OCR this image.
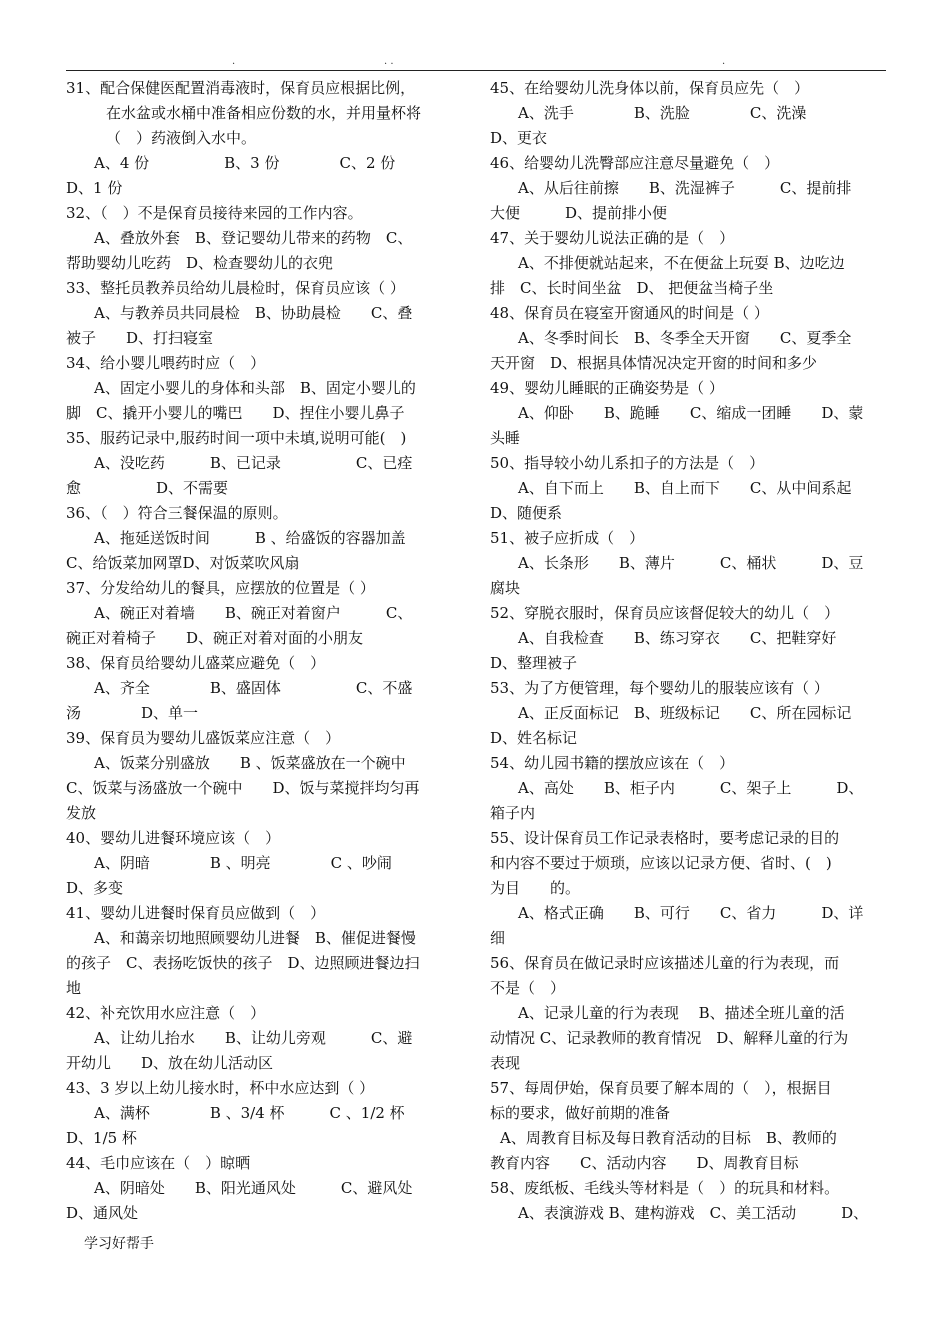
.	. .	.
31、配合保健医配置消毒液时，保育员应根据比例，
在水盆或水桶中准备相应份数的水，并用量杯将
（　）药液倒入水中。
A、4 份　　　　　B、3 份　　　　C、2 份
D、1 份
32、（　）不是保育员接待来园的工作内容。
A、叠放外套　B、登记婴幼儿带来的药物　C、
帮助婴幼儿吃药　D、检查婴幼儿的衣兜
33、整托员教养员给幼儿晨检时，保育员应该（ ）
A、与教养员共同晨检　B、协助晨检　　C、叠
被子　　D、打扫寝室
34、给小婴儿喂药时应（　）
A、固定小婴儿的身体和头部　B、固定小婴儿的
脚　C、撬开小婴儿的嘴巴　　D、捏住小婴儿鼻子
35、服药记录中,服药时间一项中未填,说明可能(　)
A、没吃药　　　B、已记录　　　　　C、已痊
愈　　　　　D、不需要
36、（　）符合三餐保温的原则。
A、拖延送饭时间　　　B 、给盛饭的容器加盖
C、给饭菜加网罩D、对饭菜吹风扇
37、分发给幼儿的餐具，应摆放的位置是（ ）
A、碗正对着墙　　B、碗正对着窗户　　　C、
碗正对着椅子　　D、碗正对着对面的小朋友
38、保育员给婴幼儿盛菜应避免（　）
A、齐全　　　　B、盛固体　　　　　C、不盛
汤　　　　D、单一
39、保育员为婴幼儿盛饭菜应注意（　）
A、饭菜分别盛放　　B 、饭菜盛放在一个碗中
C、饭菜与汤盛放一个碗中　　D、饭与菜搅拌均匀再
发放
40、婴幼儿进餐环境应该（　）
A、阴暗　　　　B 、明亮　　　　C 、吵闹
D、多变
41、婴幼儿进餐时保育员应做到（　）
A、和蔼亲切地照顾婴幼儿进餐　B、催促进餐慢
的孩子　C、表扬吃饭快的孩子　D、边照顾进餐边扫
地
42、补充饮用水应注意（　）
A、让幼儿抬水　　B、让幼儿旁观　　　C、避
开幼儿　　D、放在幼儿活动区
43、3 岁以上幼儿接水时，杯中水应达到（ ）
A、满杯　　　　B 、3/4 杯　　　C 、1/2 杯
D、1/5 杯
44、毛巾应该在（　）晾晒
A、阴暗处　　B、阳光通风处　　　C、避风处
D、通风处
45、在给婴幼儿洗身体以前，保育员应先（　）
A、洗手　　　　B、洗脸　　　　C、洗澡
D、更衣
46、给婴幼儿洗臀部应注意尽量避免（　）
A、从后往前擦　　B、洗湿裤子　　　C、提前排
大便　　　D、提前排小便
47、关于婴幼儿说法正确的是（　）
A、不排便就站起来，不在便盆上玩耍 B、边吃边
排　C、长时间坐盆　D、 把便盆当椅子坐
48、保育员在寝室开窗通风的时间是（ ）
A、冬季时间长　B、冬季全天开窗　　C、夏季全
天开窗　D、根据具体情况决定开窗的时间和多少
49、婴幼儿睡眠的正确姿势是（ ）
A、仰卧　　B、跪睡　　C、缩成一团睡　　D、蒙
头睡
50、指导较小幼儿系扣子的方法是（　）
A、自下而上　　B、自上而下　　C、从中间系起
D、随便系
51、被子应折成（　）
A、长条形　　B、薄片　　　C、桶状　　　D、豆
腐块
52、穿脱衣服时，保育员应该督促较大的幼儿（　）
A、自我检查　　B、练习穿衣　　C、把鞋穿好
D、整理被子
53、为了方便管理，每个婴幼儿的服装应该有（ ）
A、正反面标记　B、班级标记　　C、所在园标记
D、姓名标记
54、幼儿园书籍的摆放应该在（　）
A、高处　　B、柜子内　　　C、架子上　　　D、
箱子内
55、设计保育员工作记录表格时，要考虑记录的目的
和内容不要过于烦琐，应该以记录方便、省时、(　)
为目　　的。
A、格式正确　　B、可行　　C、省力　　　D、详
细
56、保育员在做记录时应该描述儿童的行为表现，而
不是（　）
A、记录儿童的行为表现　 B、描述全班儿童的活
动情况 C、记录教师的教育情况　D、解释儿童的行为
表现
57、每周伊始，保育员要了解本周的（　），根据目
标的要求，做好前期的准备
A、周教育目标及每日教育活动的目标　B、教师的
教育内容　　C、活动内容　　D、周教育目标
58、废纸板、毛线头等材料是（　）的玩具和材料。
A、表演游戏 B、建构游戏　C、美工活动　　　D、
学习好帮手
